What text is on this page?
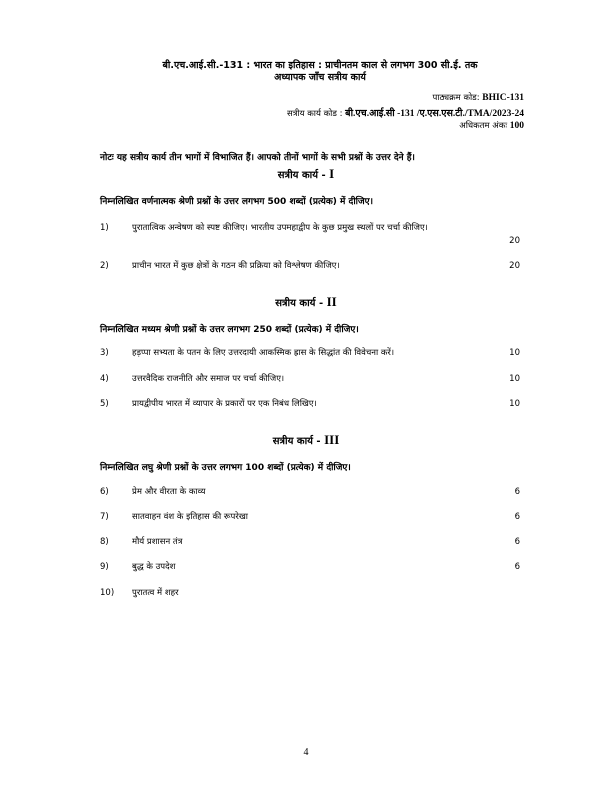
बी.एच.आई.सी.-131 : भारत का इतिहास : प्राचीनतम काल से लगभग 300 सी.ई. तक
अध्यापक जाँच सत्रीय कार्य
पाठ्यक्रम कोड: BHIC-131
सत्रीय कार्य कोड : बी.एच.आई.सी -131 /ए.एस.एस.टी./TMA/2023-24
अधिकतम अंकः 100
नोटः यह सत्रीय कार्य तीन भागों में विभाजित हैं। आपको तीनों भागों के सभी प्रश्नों के उत्तर देने हैं।
सत्रीय कार्य - I
निम्नलिखित वर्णनात्मक श्रेणी प्रश्नों के उत्तर लगभग 500 शब्दों (प्रत्येक) में दीजिए।
1)	पुरातात्विक अन्वेषण को स्पष्ट कीजिए। भारतीय उपमहाद्वीप के कुछ प्रमुख स्थलों पर चर्चा कीजिए।
20
2)	प्राचीन भारत में कुछ क्षेत्रों के गठन की प्रक्रिया को विश्लेषण कीजिए।	20
सत्रीय कार्य - II
निम्नलिखित मध्यम श्रेणी प्रश्नों के उत्तर लगभग 250 शब्दों (प्रत्येक) में दीजिए।
3)	हड़प्पा सभ्यता के पतन के लिए उत्तरदायी आकस्मिक ह्रास के सिद्धांत की विवेचना करें।	10
4)	उत्तरवैदिक राजनीति और समाज पर चर्चा कीजिए।	10
5)	प्रायद्वीपीय भारत में व्यापार के प्रकारों पर एक निबंध लिखिए।	10
सत्रीय कार्य - III
निम्नलिखित लघु श्रेणी प्रश्नों के उत्तर लगभग 100 शब्दों (प्रत्येक) में दीजिए।
6)	प्रेम और वीरता के काव्य	6
7)	सातवाहन वंश के इतिहास की रूपरेखा	6
8)	मौर्य प्रशासन तंत्र	6
9)	बुद्ध के उपदेश	6
10) पुरातत्व में शहर
4
